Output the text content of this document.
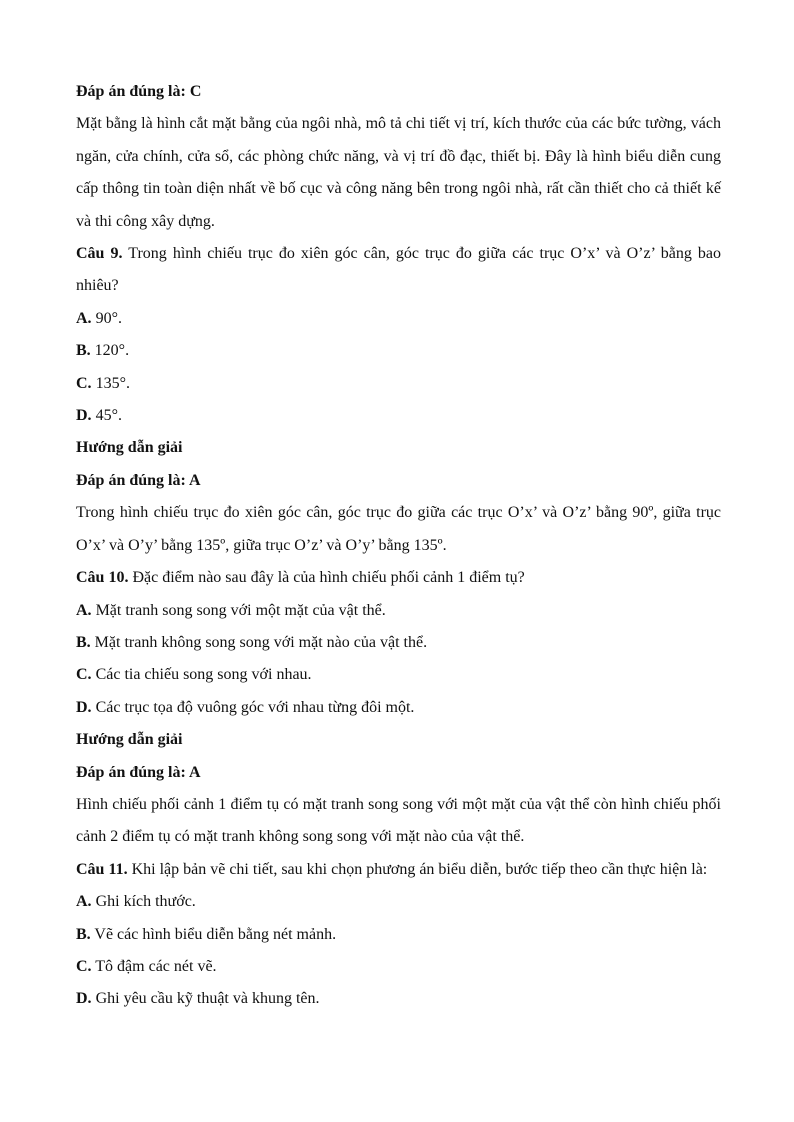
Đáp án đúng là: C

Mặt bằng là hình cắt mặt bằng của ngôi nhà, mô tả chi tiết vị trí, kích thước của các bức tường, vách ngăn, cửa chính, cửa sổ, các phòng chức năng, và vị trí đồ đạc, thiết bị. Đây là hình biểu diễn cung cấp thông tin toàn diện nhất về bố cục và công năng bên trong ngôi nhà, rất cần thiết cho cả thiết kế và thi công xây dựng.

Câu 9. Trong hình chiếu trục đo xiên góc cân, góc trục đo giữa các trục O’x’ và O’z’ bằng bao nhiêu?

A. 90°.

B. 120°.

C. 135°.

D. 45°.

Hướng dẫn giải

Đáp án đúng là: A

Trong hình chiếu trục đo xiên góc cân, góc trục đo giữa các trục O’x’ và O’z’ bằng 90º, giữa trục O’x’ và O’y’ bằng 135º, giữa trục O’z’ và O’y’ bằng 135º.

Câu 10. Đặc điểm nào sau đây là của hình chiếu phối cảnh 1 điểm tụ?

A. Mặt tranh song song với một mặt của vật thể.

B. Mặt tranh không song song với mặt nào của vật thể.

C. Các tia chiếu song song với nhau.

D. Các trục tọa độ vuông góc với nhau từng đôi một.

Hướng dẫn giải

Đáp án đúng là: A

Hình chiếu phối cảnh 1 điểm tụ có mặt tranh song song với một mặt của vật thể còn hình chiếu phối cảnh 2 điểm tụ có mặt tranh không song song với mặt nào của vật thể.

Câu 11. Khi lập bản vẽ chi tiết, sau khi chọn phương án biểu diễn, bước tiếp theo cần thực hiện là:

A. Ghi kích thước.

B. Vẽ các hình biểu diễn bằng nét mảnh.

C. Tô đậm các nét vẽ.

D. Ghi yêu cầu kỹ thuật và khung tên.
